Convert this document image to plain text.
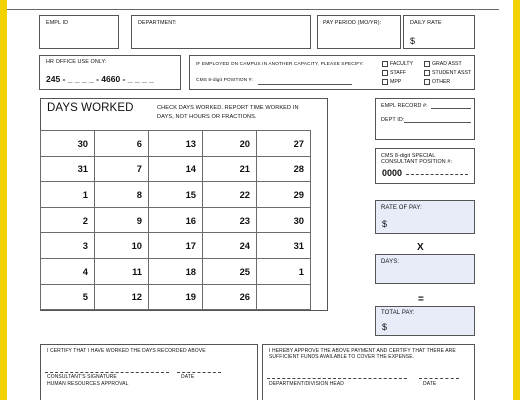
EMPL ID	DEPARTMENT:	PAY PERIOD (MO/YR):	DAILY RATE
$
HR OFFICE USE ONLY:
245 - _ _ _ _ - 4660 - _ _ _ _
IF EMPLOYED ON CAMPUS IN ANOTHER CAPACITY, PLEASE SPECIFY:
CMS 8-digit POSITION #:
FACULTY	GRAD ASST
STAFF	STUDENT ASST
MPP	OTHER
DAYS WORKED	CHECK DAYS WORKED. REPORT TIME WORKED IN DAYS, NOT HOURS OR FRACTIONS.
30	6	13	20	27
31	7	14	21	28
1	8	15	22	29
2	9	16	23	30
3	10	17	24	31
4	11	18	25	1
5	12	19	26	
EMPL RECORD #:
DEPT ID:
CMS 8-digit SPECIAL
CONSULTANT POSITION #:
0000
RATE OF PAY:
$
X
DAYS:
=
TOTAL PAY:
$
I CERTIFY THAT I HAVE WORKED THE DAYS RECORDED ABOVE
CONSULTANT'S SIGNATURE	DATE
HUMAN RESOURCES APPROVAL
I HEREBY APPROVE THE ABOVE PAYMENT AND CERTIFY THAT THERE ARE
SUFFICIENT FUNDS AVAILABLE TO COVER THE EXPENSE.
DEPARTMENT/DIVISION HEAD	DATE
